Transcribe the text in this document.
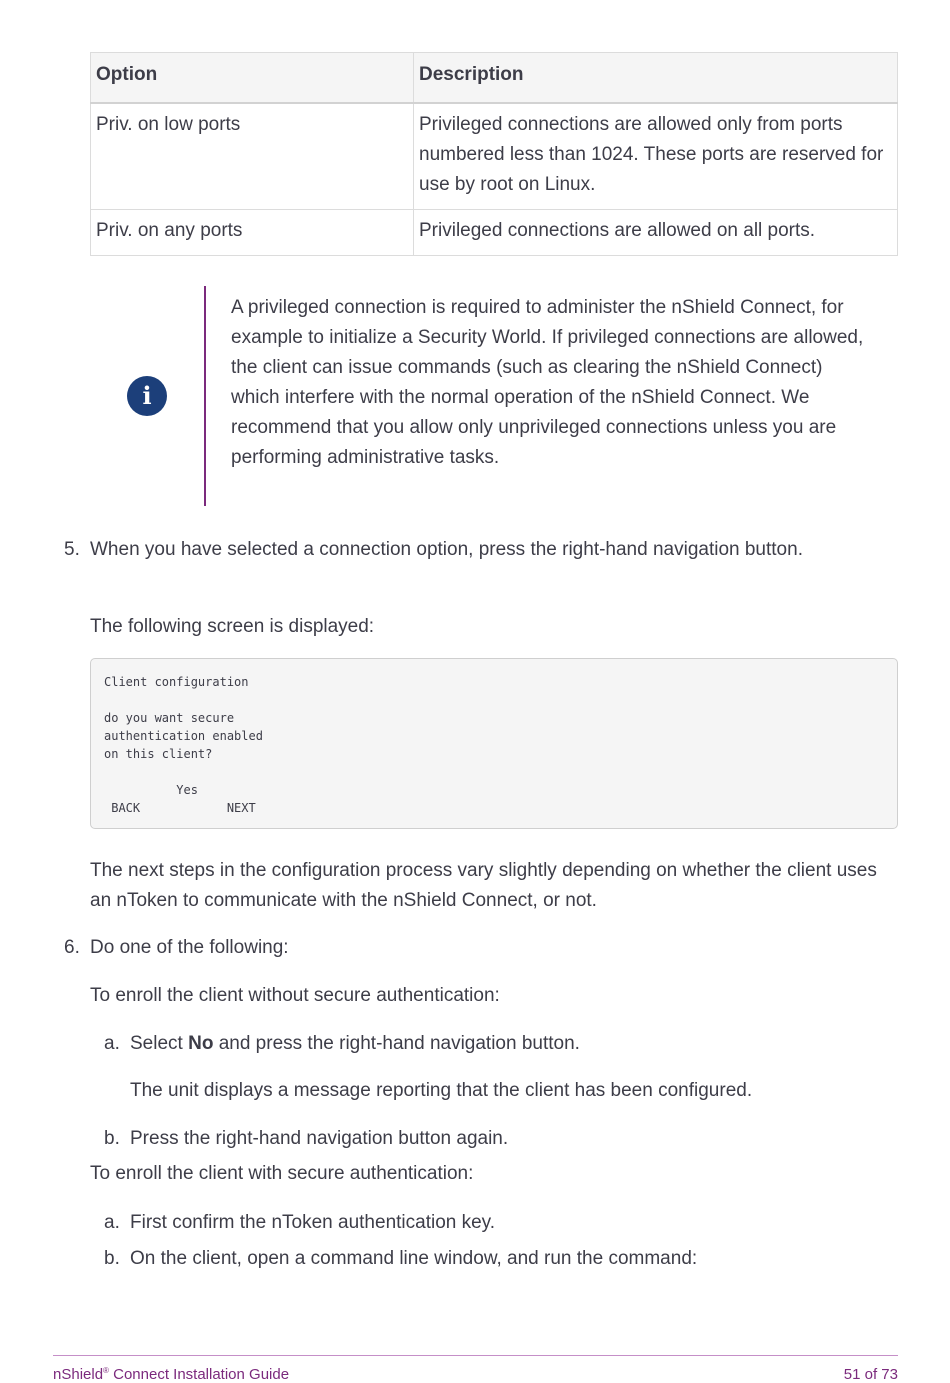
Option	Description
Priv. on low ports	Privileged connections are allowed only from ports numbered less than 1024. These ports are reserved for use by root on Linux.
Priv. on any ports	Privileged connections are allowed on all ports.
i
A privileged connection is required to administer the nShield Connect, for example to initialize a Security World. If privileged connections are allowed, the client can issue commands (such as clearing the nShield Connect) which interfere with the normal operation of the nShield Connect. We recommend that you allow only unprivileged connections unless you are performing administrative tasks.
5. When you have selected a connection option, press the right-hand navigation button.
The following screen is displayed:
Client configuration

do you want secure
authentication enabled
on this client?

Yes
BACK            NEXT
The next steps in the configuration process vary slightly depending on whether the client uses an nToken to communicate with the nShield Connect, or not.
6. Do one of the following:
To enroll the client without secure authentication:
a. Select No and press the right-hand navigation button.
The unit displays a message reporting that the client has been configured.
b. Press the right-hand navigation button again.
To enroll the client with secure authentication:
a. First confirm the nToken authentication key.
b. On the client, open a command line window, and run the command:
nShield® Connect Installation Guide	51 of 73
